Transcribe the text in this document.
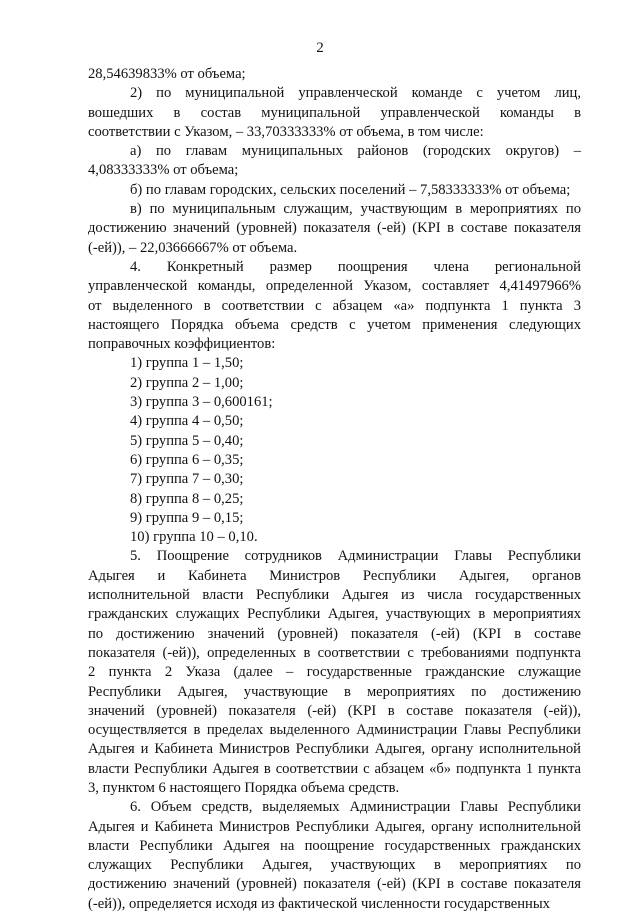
2

28,54639833% от объема;

2) по муниципальной управленческой команде с учетом лиц,
вошедших в состав муниципальной управленческой команды в
соответствии с Указом, – 33,70333333% от объема, в том числе:

а) по главам муниципальных районов (городских округов) –
4,08333333% от объема;

б) по главам городских, сельских поселений – 7,58333333% от объема;

в) по муниципальным служащим, участвующим в мероприятиях по
достижению значений (уровней) показателя (-ей) (KPI в составе показателя
(-ей)), – 22,03666667% от объема.

4. Конкретный размер поощрения члена региональной
управленческой команды, определенной Указом, составляет 4,41497966%
от выделенного в соответствии с абзацем «а» подпункта 1 пункта 3
настоящего Порядка объема средств с учетом применения следующих
поправочных коэффициентов:

1) группа 1 – 1,50;
2) группа 2 – 1,00;
3) группа 3 – 0,600161;
4) группа 4 – 0,50;
5) группа 5 – 0,40;
6) группа 6 – 0,35;
7) группа 7 – 0,30;
8) группа 8 – 0,25;
9) группа 9 – 0,15;
10) группа 10 – 0,10.

5. Поощрение сотрудников Администрации Главы Республики
Адыгея и Кабинета Министров Республики Адыгея, органов
исполнительной власти Республики Адыгея из числа государственных
гражданских служащих Республики Адыгея, участвующих в мероприятиях
по достижению значений (уровней) показателя (-ей) (KPI в составе
показателя (-ей)), определенных в соответствии с требованиями подпункта
2 пункта 2 Указа (далее – государственные гражданские служащие
Республики Адыгея, участвующие в мероприятиях по достижению
значений (уровней) показателя (-ей) (KPI в составе показателя (-ей)),
осуществляется в пределах выделенного Администрации Главы Республики
Адыгея и Кабинета Министров Республики Адыгея, органу исполнительной
власти Республики Адыгея в соответствии с абзацем «б» подпункта 1 пункта
3, пунктом 6 настоящего Порядка объема средств.

6. Объем средств, выделяемых Администрации Главы Республики
Адыгея и Кабинета Министров Республики Адыгея, органу исполнительной
власти Республики Адыгея на поощрение государственных гражданских
служащих Республики Адыгея, участвующих в мероприятиях по
достижению значений (уровней) показателя (-ей) (KPI в составе показателя
(-ей)), определяется исходя из фактической численности государственных
